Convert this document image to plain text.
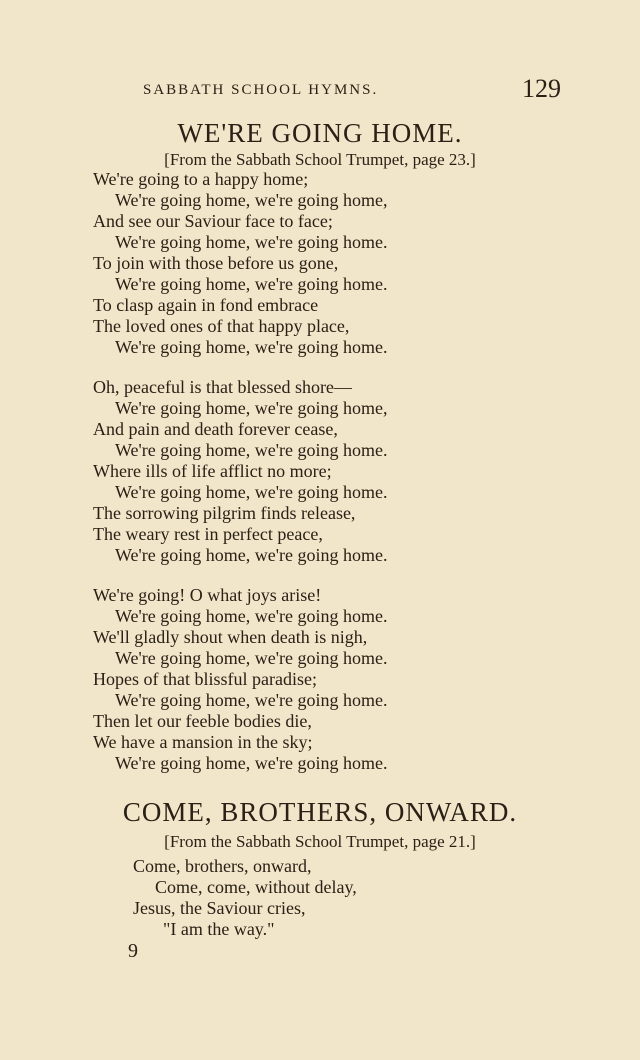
SABBATH SCHOOL HYMNS.	129
WE'RE GOING HOME.
[From the Sabbath School Trumpet, page 23.]
We're going to a happy home;
We're going home, we're going home,
And see our Saviour face to face;
We're going home, we're going home.
To join with those before us gone,
We're going home, we're going home.
To clasp again in fond embrace
The loved ones of that happy place,
We're going home, we're going home.
Oh, peaceful is that blessed shore—
We're going home, we're going home,
And pain and death forever cease,
We're going home, we're going home.
Where ills of life afflict no more;
We're going home, we're going home.
The sorrowing pilgrim finds release,
The weary rest in perfect peace,
We're going home, we're going home.
We're going! O what joys arise!
We're going home, we're going home.
We'll gladly shout when death is nigh,
We're going home, we're going home.
Hopes of that blissful paradise;
We're going home, we're going home.
Then let our feeble bodies die,
We have a mansion in the sky;
We're going home, we're going home.
COME, BROTHERS, ONWARD.
[From the Sabbath School Trumpet, page 21.]
Come, brothers, onward,
Come, come, without delay,
Jesus, the Saviour cries,
"I am the way."
9
